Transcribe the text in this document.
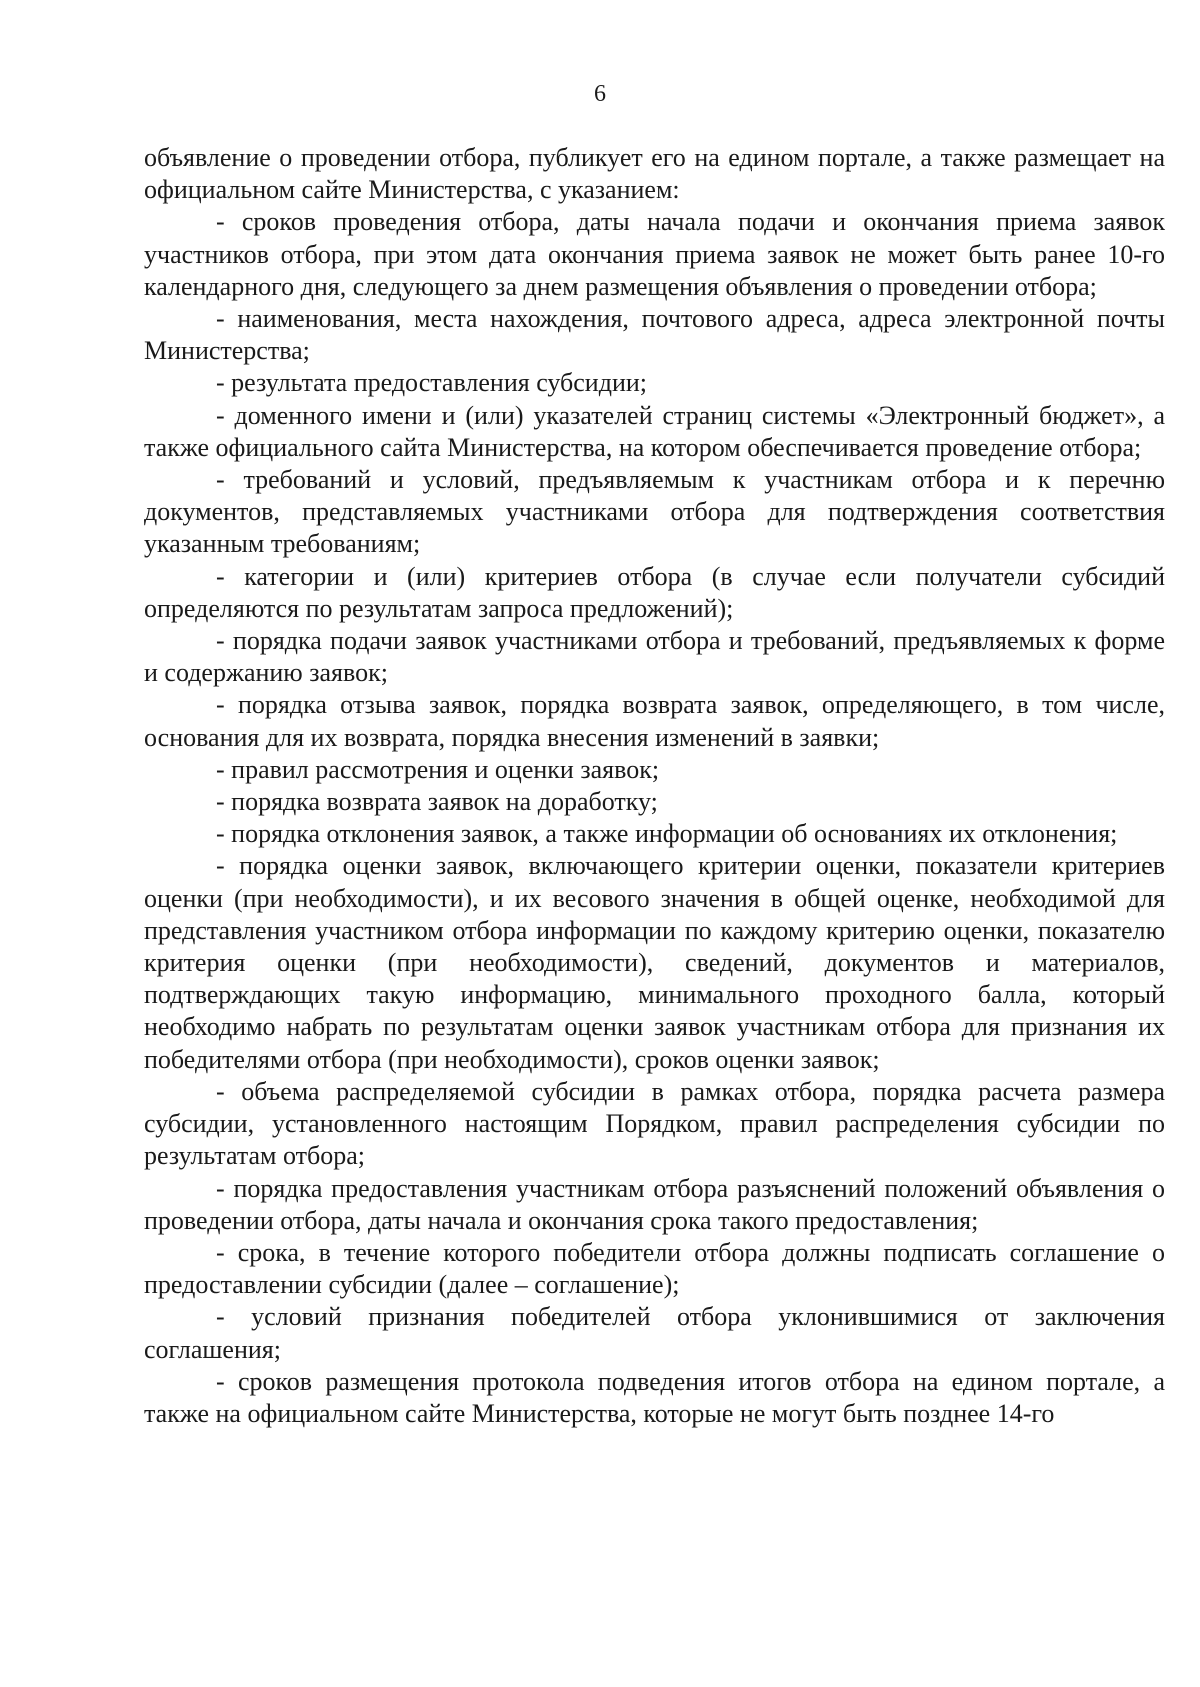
6

объявление о проведении отбора, публикует его на едином портале, а также размещает на официальном сайте Министерства, с указанием:

- сроков проведения отбора, даты начала подачи и окончания приема заявок участников отбора, при этом дата окончания приема заявок не может быть ранее 10-го календарного дня, следующего за днем размещения объявления о проведении отбора;

- наименования, места нахождения, почтового адреса, адреса электронной почты Министерства;

- результата предоставления субсидии;

- доменного имени и (или) указателей страниц системы «Электронный бюджет», а также официального сайта Министерства, на котором обеспечивается проведение отбора;

- требований и условий, предъявляемым к участникам отбора и к перечню документов, представляемых участниками отбора для подтверждения соответствия указанным требованиям;

- категории и (или) критериев отбора (в случае если получатели субсидий определяются по результатам запроса предложений);

- порядка подачи заявок участниками отбора и требований, предъявляемых к форме и содержанию заявок;

- порядка отзыва заявок, порядка возврата заявок, определяющего, в том числе, основания для их возврата, порядка внесения изменений в заявки;

- правил рассмотрения и оценки заявок;

- порядка возврата заявок на доработку;

- порядка отклонения заявок, а также информации об основаниях их отклонения;

- порядка оценки заявок, включающего критерии оценки, показатели критериев оценки (при необходимости), и их весового значения в общей оценке, необходимой для представления участником отбора информации по каждому критерию оценки, показателю критерия оценки (при необходимости), сведений, документов и материалов, подтверждающих такую информацию, минимального проходного балла, который необходимо набрать по результатам оценки заявок участникам отбора для признания их победителями отбора (при необходимости), сроков оценки заявок;

- объема распределяемой субсидии в рамках отбора, порядка расчета размера субсидии, установленного настоящим Порядком, правил распределения субсидии по результатам отбора;

- порядка предоставления участникам отбора разъяснений положений объявления о проведении отбора, даты начала и окончания срока такого предоставления;

- срока, в течение которого победители отбора должны подписать соглашение о предоставлении субсидии (далее – соглашение);

- условий признания победителей отбора уклонившимися от заключения соглашения;

- сроков размещения протокола подведения итогов отбора на едином портале, а также на официальном сайте Министерства, которые не могут быть позднее 14-го
